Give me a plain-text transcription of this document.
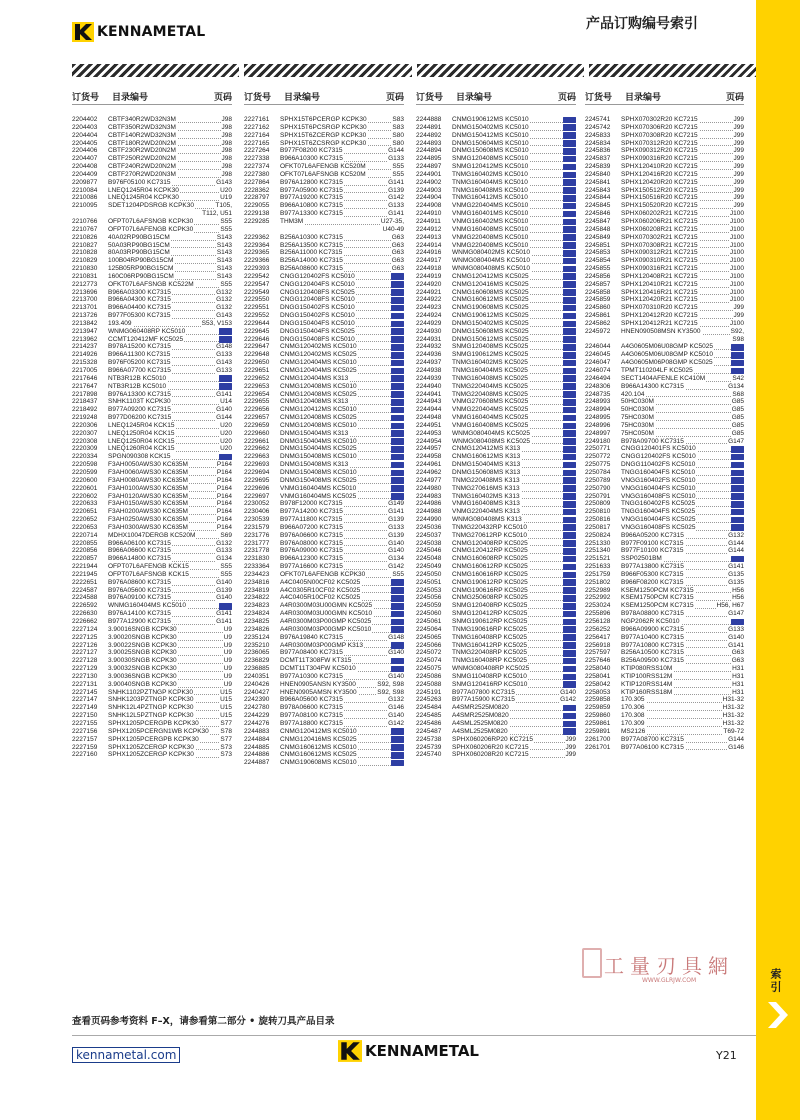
KENNAMETAL	产品订购编号索引
索引
订货号	目录编号	页码
2204402	CBTF340R2WD32N3M	J98
2204403	CBTF350R2WD32N3M	J98
2204404	CBTF140R2WD32N3M	J98
2204405	CBTF180R2WD20N2M	J98
2204406	CBTF230R2WD20N2M	J98
2204407	CBTF250R2WD20N2M	J98
2204408	CBTF240R2WD20N2M	J98
2204409	CBTF270R2WD20N3M	J98
2209877	B976F05100 KC7315	G143
2210084	LNEQ1245R04 KCPK30	U20
2210086	LNEQ1245R04 KCPK30	U19
2210095	SDET1204PDSRGB KCPK30	T105,
T112, U51
2210766	OFPT07L6AFSNGB KCPK30	S55
2210767	OFPT07L6AFENGB KCPK30	S55
2210826	40A02RP90BG15CM	S143
2210827	50A03RP90BG15CM	S143
2210828	80A03RP90BG15CM	S143
2210829	100B04RP90BG15CM	S143
2210830	125B05RP90BG15CM	S143
2210831	160C06RP90BG15CM	S143
2212773	OFKT07L6AFSNGB KC522M	S55
2213696	B966A03300 KC7315	G132
2213700	B966A04300 KC7315	G132
2213701	B966A04400 KC7315	G132
2213726	B977F05300 KC7315	G143
2213842	193.409	S53, V153
2213947	WNMG060408RP KC5010
2213962	CCMT120412MF KC5025
2214237	B978A15200 KC7315	G148
2214926	B966A11300 KC7315	G133
2215328	B976F05200 KC7315	G143
2217005	B966A07700 KC7315	G133
2217646	NTB3R12B KC5010
2217647	NTB3R12B KC5010
2217898	B976A13300 KC7315	G141
2218437	SNHK1103T KCPK30	U14
2218492	B977A09200 KC7315	G140
2219248	B977D06200 KC7315	G144
2220306	LNEQ1245R04 KCK15	U20
2220307	LNEQ1250R04 KCK15	U20
2220308	LNEQ1250R04 KCK15	U20
2220309	LNEQ1260R04 KCK15	U20
2220334	SPGN090308 KCK15
2220598	F3AH0050AWS30 KC635M	P164
2220599	F3AH0060AWS30 KC635M	P164
2220600	F3AH0080AWS30 KC635M	P164
2220601	F3AH0100AWS30 KC635M	P164
2220602	F3AH0120AWS30 KC635M	P164
2220633	F3AH0150AWS30 KC635M	P164
2220651	F3AH0200AWS30 KC635M	P164
2220652	F3AH0250AWS30 KC635M	P164
2220653	F3AH0300AWS30 KC635M	P164
2220714	MDHX10047DERGB KC520M	S69
2220855	B966A06100 KC7315	G132
2220856	B966A06600 KC7315	G133
2220857	B966A14800 KC7315	G134
2221944	OFPT07L6AFENGB KCK15	S55
2221945	OFPT07L6AFSNGB KCK15	S55
2222651	B976A08600 KC7315	G140
2224587	B976A05600 KC7315	G139
2224588	B976A09100 KC7315	G140
2226592	WNMG160404MS KC5010
2226630	B976A14100 KC7315	G141
2226662	B977A12900 KC7315	G141
2227124	3.90016SNGB KCPK30	U9
2227125	3.90020SNGB KCPK30	U9
2227126	3.90022SNGB KCPK30	U9
2227127	3.90025SNGB KCPK30	U9
2227128	3.90030SNGB KCPK30	U9
2227129	3.90032SNGB KCPK30	U9
2227130	3.90036SNGB KCPK30	U9
2227131	3.90040SNGB KCPK30	U9
2227145	SNHK1102PZTNGP KCPK30	U15
2227147	SNHK1203PZTNGP KCPK30	U15
2227149	SNHK12L4PZTNGP KCPK30	U15
2227150	SNHK12L5PZTNGP KCPK30	U15
2227155	SPHX1205PCERGPB KCPK30	S77
2227156	SPHX1205PCERGN1WB KCPK30	S78
2227157	SPHX1205PCERGPB KCPK30	S77
2227159	SPHX1205ZCERGP KCPK30	S73
2227160	SPHX1205ZCERGP KCPK30	S73
订货号	目录编号	页码
2227161	SPHX15T6PCERGP KCPK30	S83
2227162	SPHX15T6PCSRGP KCPK30	S83
2227164	SPHX15T6ZCERGP KCPK30	S80
2227165	SPHX15T6ZCSRGP KCPK30	S80
2227264	B977F08200 KC7315	G144
2227338	B966A10300 KC7315	G133
2227374	OFKT07L6AFENGB KC520M	S55
2227380	OFKT07L6AFSNGB KC520M	S55
2227864	B976A12800 KC7315	G141
2228362	B977A05900 KC7315	G139
2228797	B977A19200 KC7315	G142
2229055	B966A10800 KC7315	G133
2229138	B977A13300 KC7315	G141
2229285	THM3M	U27-35,
U40-49
2229362	B256A10300 KC7315	G63
2229364	B256A13500 KC7315	G63
2229365	B256A11000 KC7315	G63
2229366	B256A14000 KC7315	G63
2229393	B256A08600 KC7315	G63
2229542	CNGG120402FS KC5010
2229547	CNGG120404FS KC5010
2229549	CNGG120408FS KC5025
2229550	CNGG120408FS KC5010
2229551	DNGG150402FS KC5010
2229552	DNGG150402FS KC5010
2229644	DNGG150404FS KC5010
2229645	DNGG150404FS KC5025
2229646	DNGG150408FS KC5010
2229647	CNMG120402MS KC5010
2229648	CNMG120402MS KC5025
2229650	CNMG120404MS KC5010
2229651	CNMG120404MS KC5025
2229652	CNMG120404MS K313
2229653	CNMG120408MS KC5010
2229654	CNMG120408MS KC5025
2229655	CNMG120408MS K313
2229656	CNMG120412MS KC5010
2229657	CNMG120408MS KC5025
2229659	CNMG120408MS KC5010
2229660	DNMG150404MS K313
2229661	DNMG150404MS KC5010
2229662	DNMG150404MS KC5025
2229663	DNMG150408MS KC5010
2229693	DNMG150408MS K313
2229694	DNMG150408MS KC5010
2229695	DNMG150408MS KC5025
2229696	VNMG160404MS KC5010
2229697	VNMG160404MS KC5025
2230052	B978F12000 KC7315	G149
2230406	B977A14200 KC7315	G141
2230539	B977A11800 KC7315	G139
2231579	B966A07200 KC7315	G133
2231776	B976A06600 KC7315	G139
2231777	B976A08000 KC7315	G140
2231778	B976A09000 KC7315	G140
2231830	B966A12300 KC7315	G134
2233364	B977A16600 KC7315	G142
2234423	OFKT07L6AFENGB KCPK30	S55
2234816	A4C0405N00CF02 KC5025
2234819	A4C0305R10CF02 KC5025
2234822	A4C0405R10CF02 KC5025
2234823	A4R0300M03U00GMN KC5025
2234824	A4R0300M03U00GMN KC5010
2234825	A4R0300M03P00GMP KC5025
2234826	A4R0300M03P00GMP KC5010
2235124	B976A19840 KC7315	G148
2235210	A4R0300M03P00GMP K313
2236065	B977A08400 KC7315	G140
2236829	DCMT11T308FW KT315
2236885	DCMT11T304FW KC5010
2240351	B977A10300 KC7315	G140
2240426	HNEN0905ANSN KY3500	S92, S98
2240427	HNEN0905AMSN KY3500	S92, S98
2242390	B966A05600 KC7315	G132
2242780	B978A06600 KC7315	G146
2244229	B977A08100 KC7315	G140
2244276	B977A18800 KC7315	G142
2244883	CNMG120412MS KC5010
2244884	CNMG120416MS KC5025
2244885	CNMG160612MS KC5010
2244886	CNMG160612MS KC5025
2244887	CNMG190608MS KC5010
订货号	目录编号	页码
2244888	CNMG190612MS KC5010
2244891	DNMG150402MS KC5010
2244892	DNMG150412MS KC5010
2244893	DNMG150604MS KC5010
2244894	DNMG150608MS KC5010
2244895	SNMG120408MS KC5010
2244897	SNMG120412MS KC5010
2244901	TNMG160402MS KC5010
2244902	TNMG160404MS KC5010
2244903	TNMG160408MS KC5010
2244904	TNMG160412MS KC5010
2244908	VNMG220404MS KC5010
2244910	VNMG160401MS KC5010
2244911	VNMG160402MS KC5010
2244912	VNMG160408MS KC5010
2244913	VNMG220408MS KC5010
2244914	VNMG220408MS KC5010
2244916	WNMG080402MS KC5010
2244917	WNMG080404MS KC5010
2244918	WNMG080408MS KC5010
2244919	CNMG120412MS KC5025
2244920	CNMG120416MS KC5025
2244921	CNMG160608MS KC5025
2244922	CNMG160612MS KC5025
2244923	CNMG190608MS KC5025
2244924	CNMG190612MS KC5025
2244929	DNMG150402MS KC5025
2244930	DNMG150608MS KC5025
2244931	DNMG150612MS KC5025
2244932	SNMG120408MS KC5025
2244936	SNMG190612MS KC5025
2244937	TNMG160402MS KC5025
2244938	TNMG160404MS KC5025
2244939	TNMG160408MS KC5025
2244940	TNMG220404MS KC5025
2244941	TNMG220408MS KC5025
2244943	VNMG270608MS KC5025
2244944	VNMG220404MS KC5025
2244948	VNMG160404MS KC5025
2244951	VNMG160408MS KC5025
2244953	WNMG080404MS KC5025
2244954	WNMG080408MS KC5025
2244957	CNMG120412MS K313
2244958	CNMG160612MS K313
2244961	DNMG150404MS K313
2244962	DNMG150608MS K313
2244977	TNMG220408MS K313
2244980	TNMG270616MS K313
2244983	TNMG160402MS K313
2244986	VNMG160408MS K313
2244988	VNMG220404MS K313
2244990	WNMG080408MS K313
2245036	TNMG220432RP KC5010
2245037	TNMG270612RP KC5010
2245038	CNMG120408RP KC5025
2245046	CNMG120412RP KC5025
2245048	CNMG160608RP KC5025
2245049	CNMG160612RP KC5025
2245050	CNMG160616RP KC5025
2245051	CNMG190612RP KC5025
2245053	CNMG190616RP KC5025
2245056	CNMG250608RP KC5025
2245059	SNMG120408RP KC5025
2245060	SNMG120412RP KC5025
2245061	SNMG190612RP KC5025
2245064	TNMG190616RP KC5025
2245065	TNMG160408RP KC5025
2245066	TNMG160412RP KC5025
2245072	TNMG220408RP KC5025
2245074	TNMG160408RP KC5025
2245075	WNMG080408RP KC5025
2245086	SNMG110408RP KC5010
2245088	SNMG120416RP KC5010
2245191	B977A07800 KC7315	G140
2245263	B977A15900 KC7315	G142
2245484	A4SMR2525M0820
2245485	A4SMR2525M0820
2245486	A4SML2525M0820
2245487	A4SML2525M0820
2245738	SPHX060206RP20 KC7215	J99
2245739	SPHX060206R20 KC7215	J99
2245740	SPHX060208R20 KC7215	J99
订货号	目录编号	页码
2245741	SPHX070302R20 KC7215	J99
2245742	SPHX070306R20 KC7215	J99
2245833	SPHX070308R20 KC7215	J99
2245834	SPHX070312R20 KC7215	J99
2245836	SPHX090312R20 KC7215	J99
2245837	SPHX090316R20 KC7215	J99
2245839	SPHX120410R20 KC7215	J99
2245840	SPHX120416R20 KC7215	J99
2245841	SPHX120420R20 KC7215	J99
2245843	SPHX150512R20 KC7215	J99
2245844	SPHX150516R20 KC7215	J99
2245845	SPHX150520R20 KC7215	J99
2245846	SPHX060202R21 KC7215	J100
2245847	SPHX060206R21 KC7215	J100
2245848	SPHX060208R21 KC7215	J100
2245849	SPHX070302R21 KC7215	J100
2245851	SPHX070308R21 KC7215	J100
2245853	SPHX090312R21 KC7215	J100
2245854	SPHX090310R21 KC7215	J100
2245855	SPHX090316R21 KC7215	J100
2245856	SPHX120408R21 KC7215	J100
2245857	SPHX120410R21 KC7215	J100
2245858	SPHX120416R21 KC7215	J100
2245859	SPHX120420R21 KC7215	J100
2245860	SPHX070310R20 KC7215	J99
2245861	SPHX120412R20 KC7215	J99
2245862	SPHX120412R21 KC7215	J100
2245972	HNEN090508MSN KY3500	S92,
S98
2246044	A4G0605M06U08GMP KC5025
2246045	A4G0605M06U08GMP KC5010
2246047	A4G0605M06P08GMP KC5025
2246074	TPMT110204LF KC5025
2246494	SECT1404AFENLE KC410M	S42
2248306	B966A14300 KC7315	G134
2248735	420.104	S68
2248993	50HC030M	G85
2248994	50HC030M	G85
2248995	75HC030M	G85
2248996	75HC030M	G85
2248997	75HC050M	G85
2249180	B978A09700 KC7315	G147
2250771	CNGG120401FS KC5010
2250772	CNGG120402FS KC5010
2250775	DNGG110402FS KC5010
2250784	TNGG160404FS KC5010
2250789	VNGG160402FS KC5010
2250790	VNGG160404FS KC5010
2250791	VNGG160408FS KC5010
2250809	TNGG160402FS KC5025
2250810	TNGG160404FS KC5025
2250816	VNGG160404FS KC5025
2250817	VNGG160408FS KC5025
2250824	B966A05200 KC7315	G132
2251330	B977F09100 KC7315	G144
2251340	B977F10100 KC7315	G144
2251521	SSP02501BM
2251633	B977A13800 KC7315	G141
2251759	B966F05300 KC7315	G135
2251802	B966F08200 KC7315	G135
2252989	KSEM1250PCM KC7315	H56
2252992	KSEM1750PCM KC7315	H56
2253024	KSEM1250PCM KC7315	H56, H67
2255896	B978A08800 KC7315	G147
2256128	NGP2062R KC5010
2256252	B966A09900 KC7315	G133
2256417	B977A10400 KC7315	G140
2256918	B977A10800 KC7315	G141
2257597	B256A10500 KC7315	G63
2257646	B256A09500 KC7315	G63
2258040	KTIP080RSS10M	H31
2258041	KTIP100RSS12M	H31
2258042	KTIP120RSS14M	H31
2258053	KTIP160RSS18M	H31
2259858	170.305	H31-32
2259859	170.306	H31-32
2259860	170.308	H31-32
2259861	170.309	H31-32
2259891	MS2126	T69-72
2261700	B977A08700 KC7315	G144
2261701	B977A06100 KC7315	G146
工量刃具網
WWW.GLRJW.COM
查看页码参考资料 F–X，请参看第二部分 • 旋转刀具产品目录
kennametal.com	KENNAMETAL	Y21
